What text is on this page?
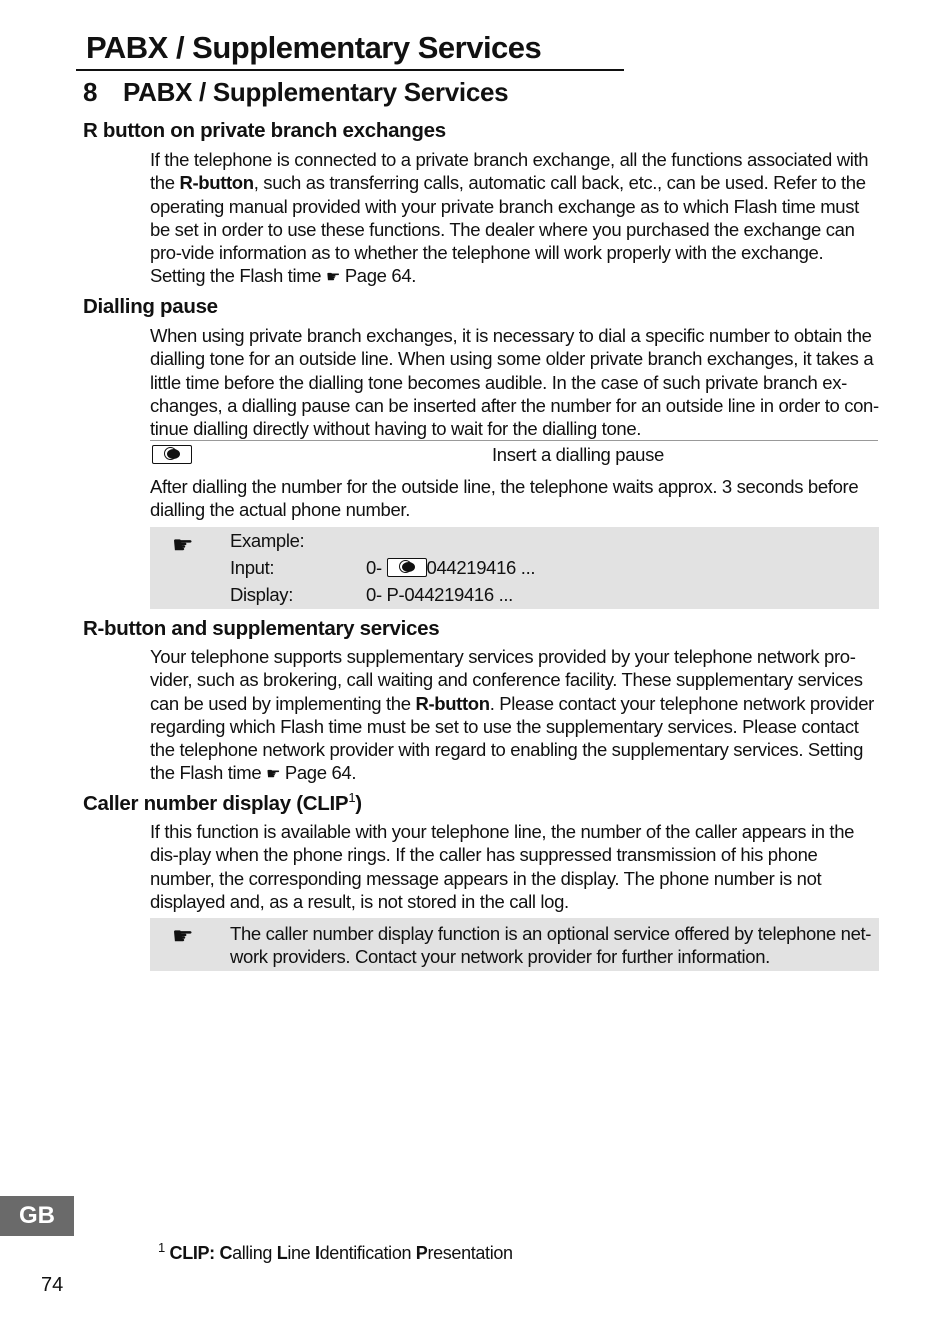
PABX / Supplementary Services
8 PABX / Supplementary Services
R button on private branch exchanges
If the telephone is connected to a private branch exchange, all the functions associated with the R-button, such as transferring calls, automatic call back, etc., can be used. Refer to the operating manual provided with your private branch exchange as to which Flash time must be set in order to use these functions. The dealer where you purchased the exchange can pro-vide information as to whether the telephone will work properly with the exchange. Setting the Flash time ☛ Page 64.
Dialling pause
When using private branch exchanges, it is necessary to dial a specific number to obtain the dialling tone for an outside line. When using some older private branch exchanges, it takes a little time before the dialling tone becomes audible. In the case of such private branch ex-changes, a dialling pause can be inserted after the number for an outside line in order to con-tinue dialling directly without having to wait for the dialling tone.
Insert a dialling pause
After dialling the number for the outside line, the telephone waits approx. 3 seconds before dialling the actual phone number.
☛ Example:
Input:	0- 044219416 ...
Display:	0- P-044219416 ...
R-button and supplementary services
Your telephone supports supplementary services provided by your telephone network pro-vider, such as brokering, call waiting and conference facility. These supplementary services can be used by implementing the R-button. Please contact your telephone network provider regarding which Flash time must be set to use the supplementary services. Please contact the telephone network provider with regard to enabling the supplementary services. Setting the Flash time ☛ Page 64.
Caller number display (CLIP$^1$)
If this function is available with your telephone line, the number of the caller appears in the dis-play when the phone rings. If the caller has suppressed transmission of his phone number, the corresponding message appears in the display. The phone number is not displayed and, as a result, is not stored in the call log.
☛ The caller number display function is an optional service offered by telephone net-work providers. Contact your network provider for further information.
GB
$^1$ CLIP: Calling Line Identification Presentation
74
